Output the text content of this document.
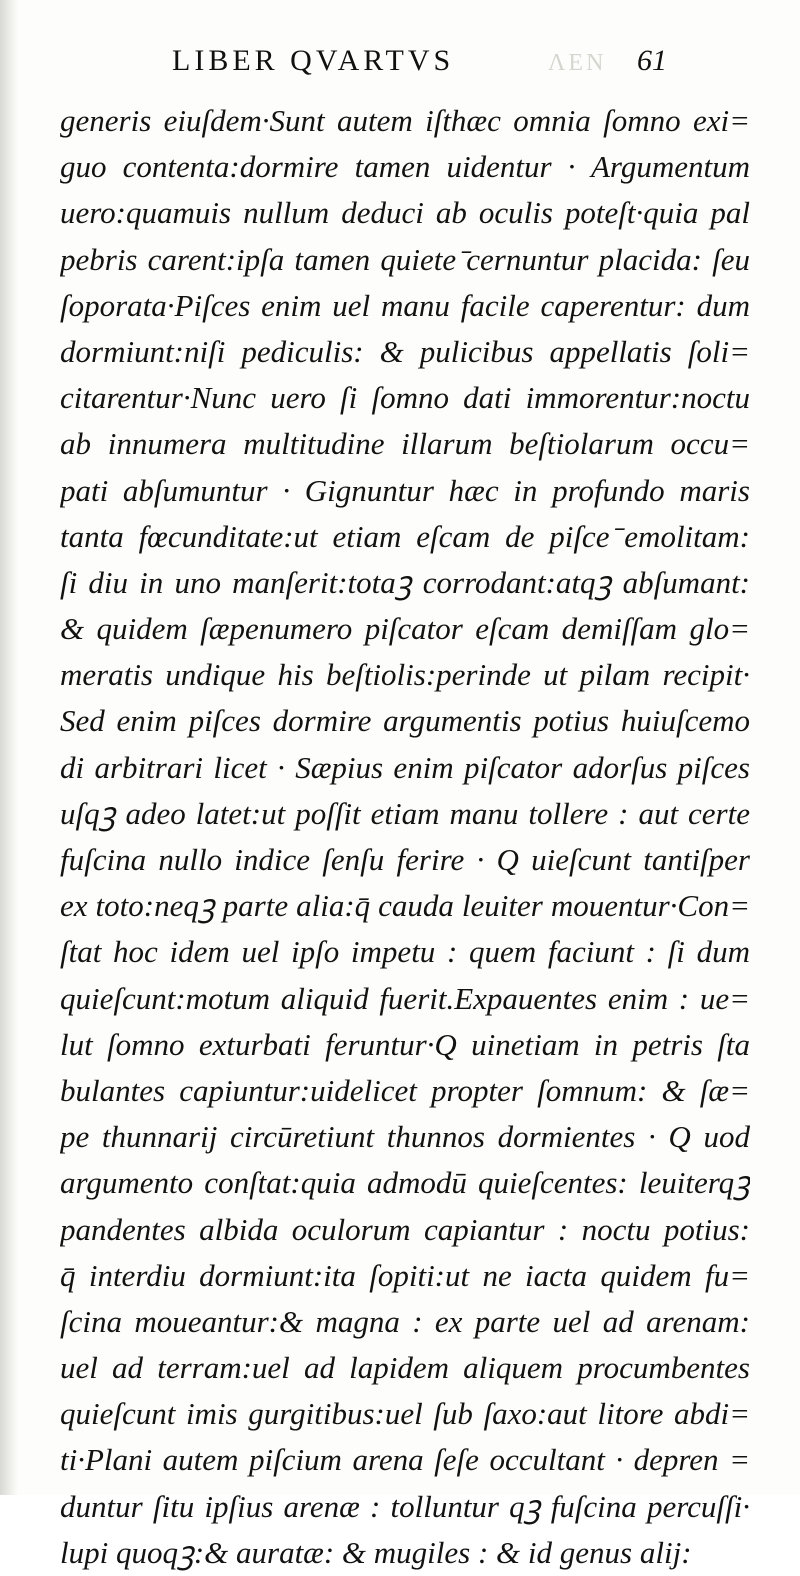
LIBER QVARTVS	ΛΕΝ 61
generis eiuſdem·Sunt autem iſthæc omnia ſomno exi=
guo contenta:dormire tamen uidentur · Argumentum
uero:quamuis nullum deduci ab oculis poteſt·quia pal
pebris carent:ipſa tamen quiete ̄cernuntur placida: ſeu
ſoporata·Piſces enim uel manu facile caperentur: dum
dormiunt:niſi pediculis: & pulicibus appellatis ſoli=
citarentur·Nunc uero ſi ſomno dati immorentur:noctu
ab innumera multitudine illarum beſtiolarum occu=
pati abſumuntur · Gignuntur hæc in profundo maris
tanta fœcunditate:ut etiam eſcam de piſce ̄emolitam:
ſi diu in uno manſerit:totaꝫ corrodant:atqꝫ abſumant:
& quidem ſæpenumero piſcator eſcam demiſſam glo=
meratis undique his beſtiolis:perinde ut pilam recipit·
Sed enim piſces dormire argumentis potius huiuſcemo
di arbitrari licet · Sæpius enim piſcator adorſus piſces
uſqꝫ adeo latet:ut poſſit etiam manu tollere : aut certe
fuſcina nullo indice ſenſu ferire · Q uieſcunt tantiſper
ex toto:neqꝫ parte alia:q̄ cauda leuiter mouentur·Con=
ſtat hoc idem uel ipſo impetu : quem faciunt : ſi dum
quieſcunt:motum aliquid fuerit.Expauentes enim : ue=
lut ſomno exturbati feruntur·Q uinetiam in petris ſta
bulantes capiuntur:uidelicet propter ſomnum: & ſæ=
pe thunnarij circūretiunt thunnos dormientes · Q uod
argumento conſtat:quia admodū quieſcentes: leuiterqꝫ
pandentes albida oculorum capiantur : noctu potius:
q̄ interdiu dormiunt:ita ſopiti:ut ne iacta quidem fu=
ſcina moueantur:& magna : ex parte uel ad arenam:
uel ad terram:uel ad lapidem aliquem procumbentes
quieſcunt imis gurgitibus:uel ſub ſaxo:aut litore abdi=
ti·Plani autem piſcium arena ſeſe occultant · depren =
duntur ſitu ipſius arenæ : tolluntur qꝫ fuſcina percuſſi·
lupi quoqꝫ:& auratæ: & mugiles : & id genus alij:
